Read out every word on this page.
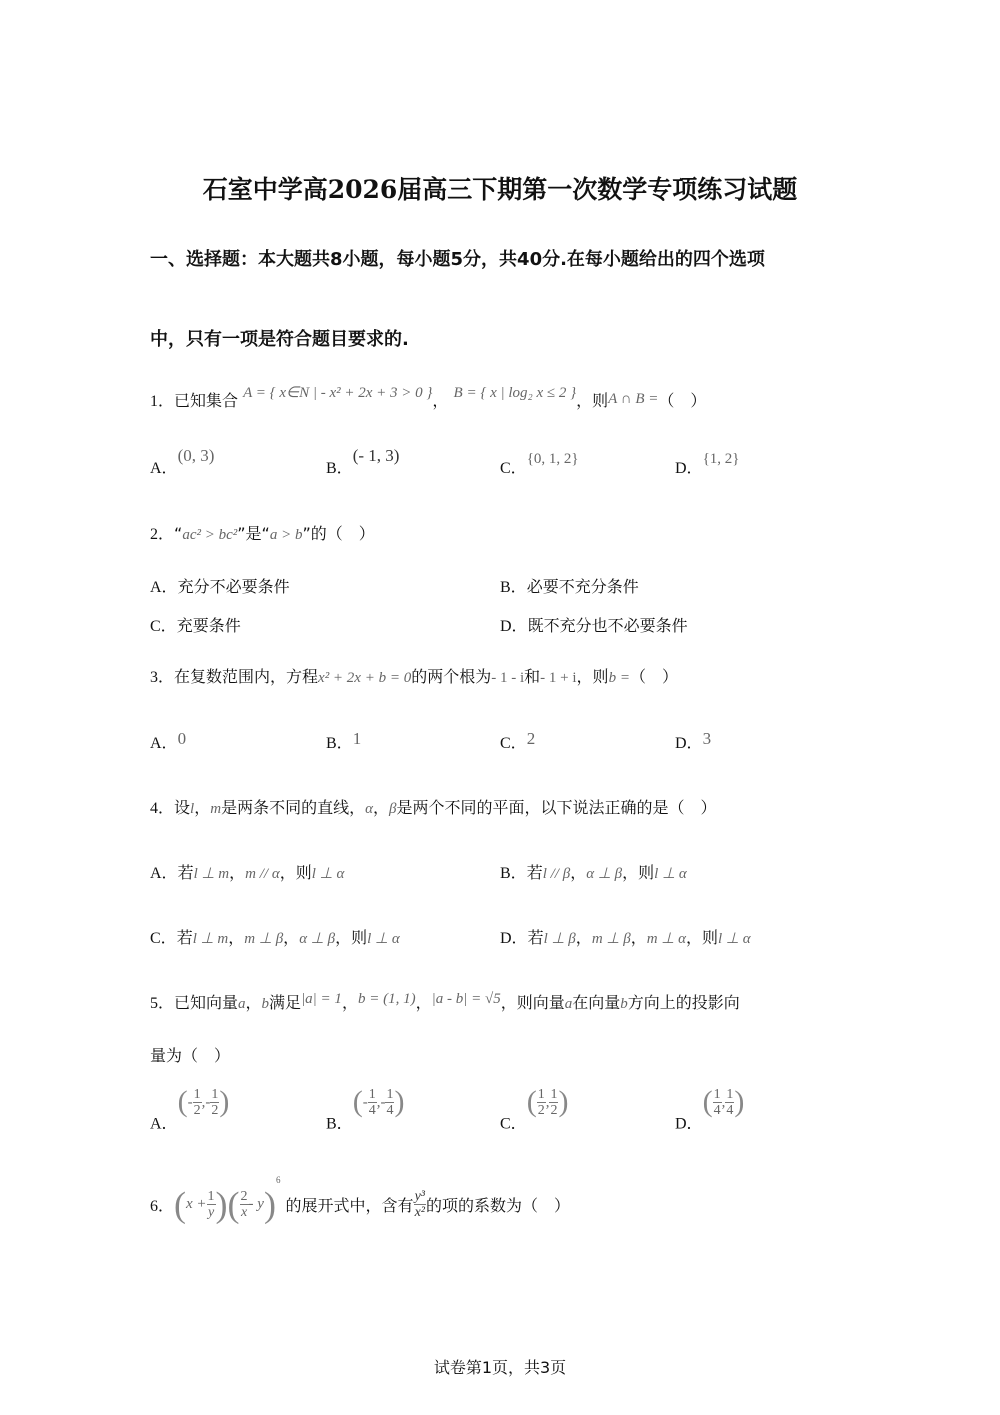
石室中学高2026届高三下期第一次数学专项练习试题
一、选择题：本大题共8小题，每小题5分，共40分.在每小题给出的四个选项
中，只有一项是符合题目要求的.
1．已知集合 A = { x∈N | - x² + 2x + 3 > 0 }， B = { x | log₂ x ≤ 2 }，则A ∩ B =（　）
A．(0, 3)
B．(- 1, 3)
C．{0, 1, 2}
D．{1, 2}
2．“ac² > bc²”是“a > b”的（　）
A．充分不必要条件	B．必要不充分条件
C．充要条件	D．既不充分也不必要条件
3．在复数范围内，方程x² + 2x + b = 0的两个根为- 1 - i和- 1 + i，则b =（　）
A．0	B．1	C．2	D．3
4．设l，m是两条不同的直线，α，β是两个不同的平面，以下说法正确的是（　）
A．若l ⊥ m，m // α，则l ⊥ α	B．若l // β，α ⊥ β，则l ⊥ α
C．若l ⊥ m，m ⊥ β，α ⊥ β，则l ⊥ α	D．若l ⊥ β，m ⊥ β，m ⊥ α，则l ⊥ α
5．已知向量a，b满足|a| = 1，b = (1, 1)，|a - b| = √5，则向量a在向量b方向上的投影向
量为（　）
A．(- $\frac{1}{2}$ ,- $\frac{1}{2}$ )
B．(- $\frac{1}{4}$ ,- $\frac{1}{4}$ )
C．( $\frac{1}{2}$ , $\frac{1}{2}$ )
D．( $\frac{1}{4}$ , $\frac{1}{4}$ )
6．($x + \frac{1}{y}$ )( $\frac{2}{x} - y)^6$ 的展开式中，含有 $\frac{\text{y³}}{\text{x²}}$ 的项的系数为（　）
试卷第1页，共3页
